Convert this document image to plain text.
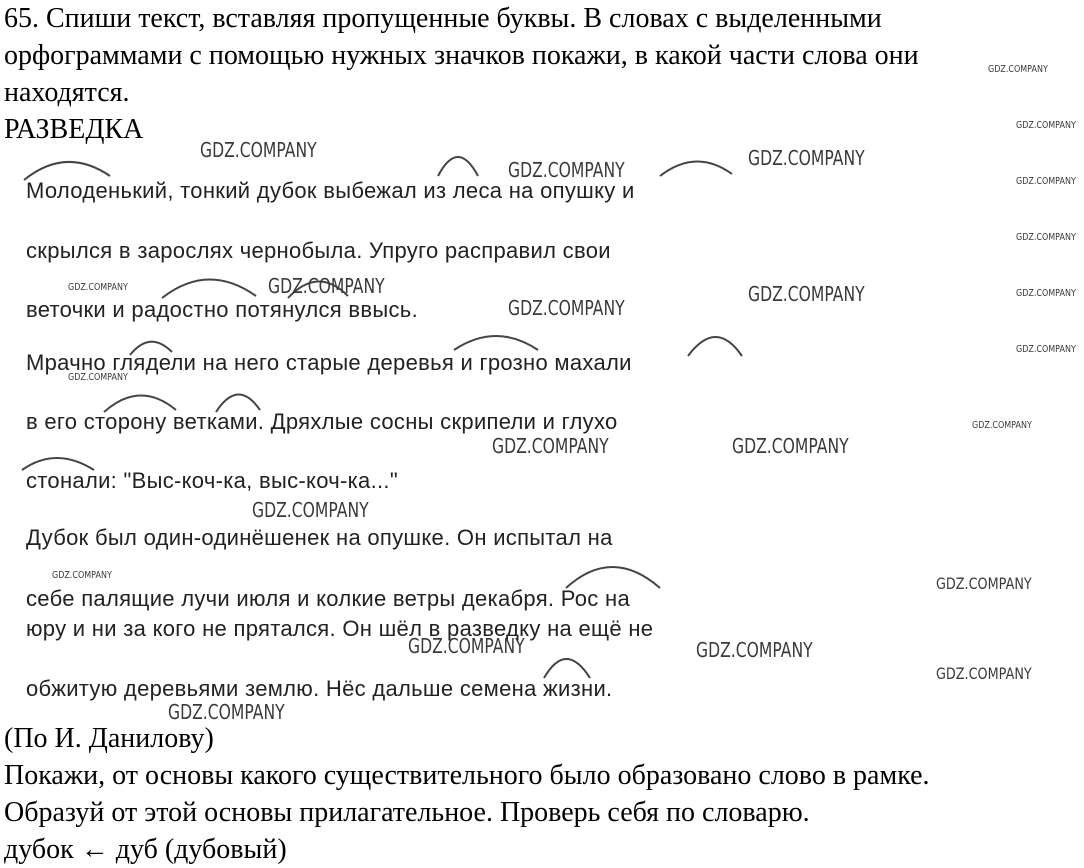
65. Спиши текст, вставляя пропущенные буквы. В словах с выделенными
орфограммами с помощью нужных значков покажи, в какой части слова они
находятся.
РАЗВЕДКА
Молоденький, тонкий дубок выбежал из леса на опушку и
скрылся в зарослях чернобыла. Упруго расправил свои
веточки и радостно потянулся ввысь.
Мрачно глядели на него старые деревья и грозно махали
в его сторону ветками. Дряхлые сосны скрипели и глухо
стонали: "Выс-коч-ка, выс-коч-ка..."
Дубок был один-одинёшенек на опушке. Он испытал на
себе палящие лучи июля и колкие ветры декабря. Рос на
юру и ни за кого не прятался. Он шёл в разведку на ещё не
обжитую деревьями землю. Нёс дальше семена жизни.
GDZ.COMPANY
GDZ.COMPANY	GDZ.COMPANY
GDZ.COMPANY
GDZ.COMPANY
GDZ.COMPANY
GDZ.COMPANY	GDZ.COMPANY
GDZ.COMPANY
GDZ.COMPANY	GDZ.COMPANY
GDZ.COMPANY
GDZ.COMPANY
GDZ.COMPANY
GDZ.COMPANY
GDZ.COMPANY
GDZ.COMPANY
GDZ.COMPANY
GDZ.COMPANY
GDZ.COMPANY
GDZ.COMPANY
GDZ.COMPANY
GDZ.COMPANY
GDZ.COMPANY
(По И. Данилову)
Покажи, от основы какого существительного было образовано слово в рамке.
Образуй от этой основы прилагательное. Проверь себя по словарю.
дубок ← дуб (дубовый)
